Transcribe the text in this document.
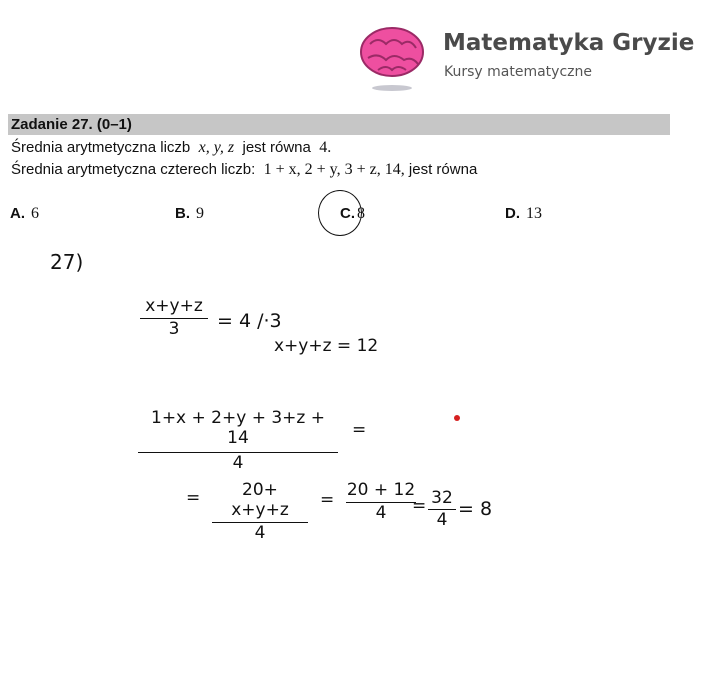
Matematyka Gryzie
Kursy matematyczne
Zadanie 27. (0–1)
Średnia arytmetyczna liczb x, y, z jest równa 4.
Średnia arytmetyczna czterech liczb: 1 + x, 2 + y, 3 + z, 14, jest równa
A. 6	B. 9	C. 8	D. 13
27)
x+y+z
3	= 4 /·3
x+y+z = 12
1+x + 2+y + 3+z + 14
4
=
=	20+ x+y+z
4
= 20 + 12
4	= 32
4 = 8
